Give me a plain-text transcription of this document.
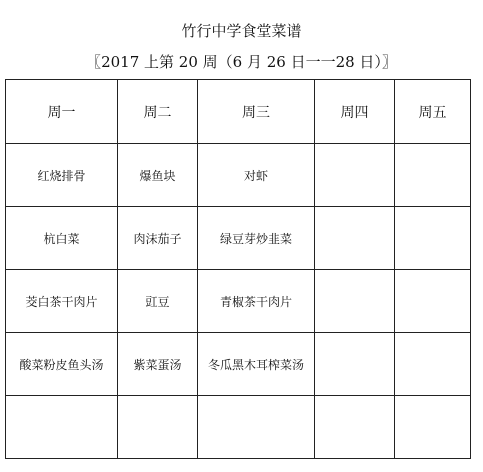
竹行中学食堂菜谱
〖2017 上第 20 周（6 月 26 日一一28 日）〗
周一	周二	周三	周四	周五
红烧排骨	爆鱼块	对虾		
杭白菜	肉沫茄子	绿豆芽炒韭菜		
茭白茶干肉片	豇豆	青椒茶干肉片		
酸菜粉皮鱼头汤	紫菜蛋汤	冬瓜黑木耳榨菜汤		
